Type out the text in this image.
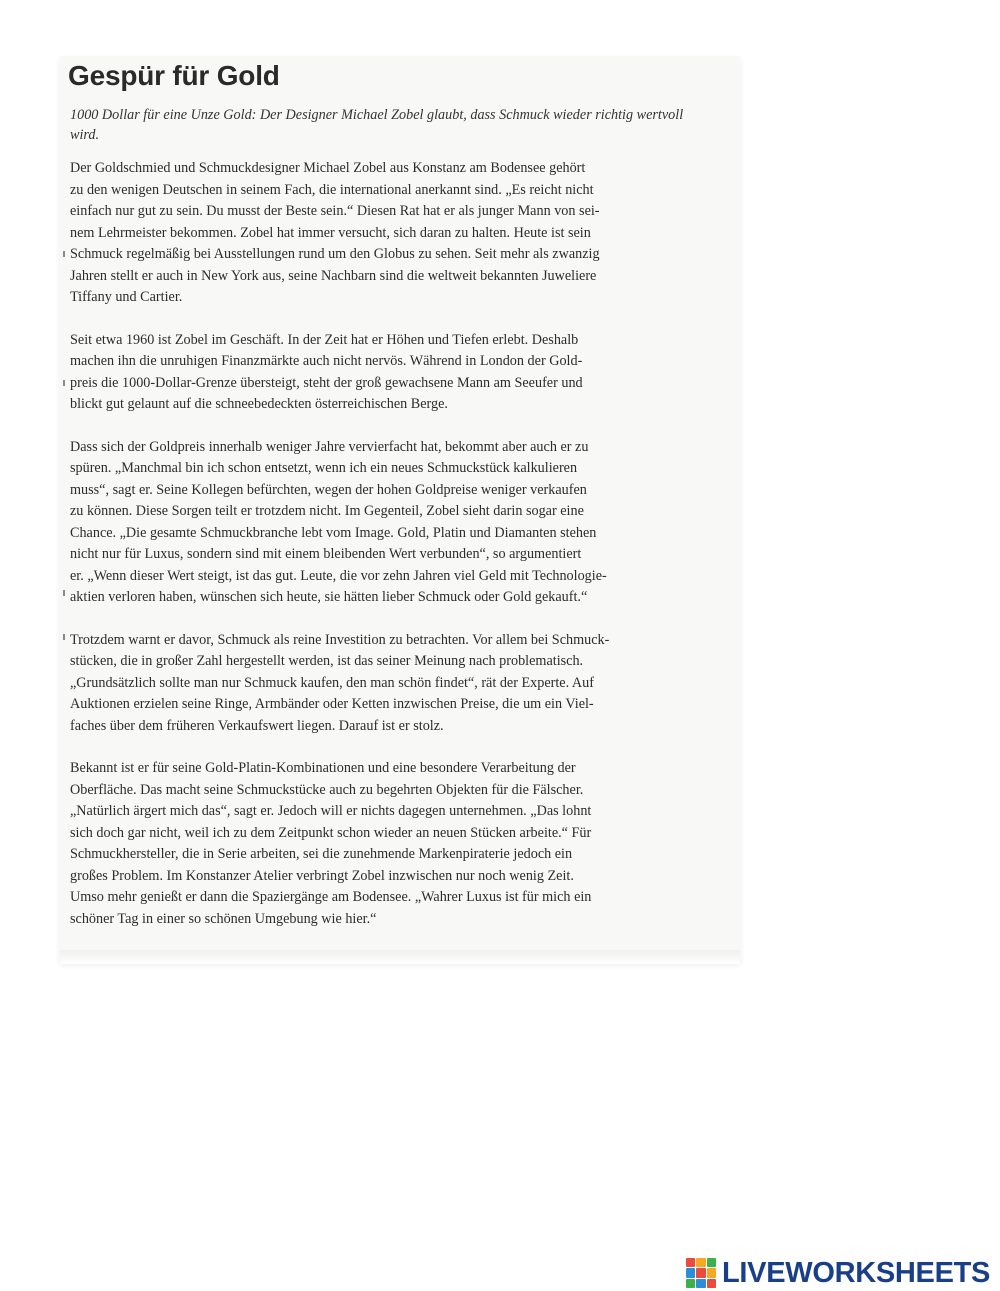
Gespür für Gold

1000 Dollar für eine Unze Gold: Der Designer Michael Zobel glaubt, dass Schmuck wieder richtig wertvoll wird.

Der Goldschmied und Schmuckdesigner Michael Zobel aus Konstanz am Bodensee gehört
zu den wenigen Deutschen in seinem Fach, die international anerkannt sind. „Es reicht nicht
einfach nur gut zu sein. Du musst der Beste sein.“ Diesen Rat hat er als junger Mann von sei-
nem Lehrmeister bekommen. Zobel hat immer versucht, sich daran zu halten. Heute ist sein
Schmuck regelmäßig bei Ausstellungen rund um den Globus zu sehen. Seit mehr als zwanzig
Jahren stellt er auch in New York aus, seine Nachbarn sind die weltweit bekannten Juweliere
Tiffany und Cartier.

Seit etwa 1960 ist Zobel im Geschäft. In der Zeit hat er Höhen und Tiefen erlebt. Deshalb
machen ihn die unruhigen Finanzmärkte auch nicht nervös. Während in London der Gold-
preis die 1000-Dollar-Grenze übersteigt, steht der groß gewachsene Mann am Seeufer und
blickt gut gelaunt auf die schneebedeckten österreichischen Berge.

Dass sich der Goldpreis innerhalb weniger Jahre vervierfacht hat, bekommt aber auch er zu
spüren. „Manchmal bin ich schon entsetzt, wenn ich ein neues Schmuckstück kalkulieren
muss“, sagt er. Seine Kollegen befürchten, wegen der hohen Goldpreise weniger verkaufen
zu können. Diese Sorgen teilt er trotzdem nicht. Im Gegenteil, Zobel sieht darin sogar eine
Chance. „Die gesamte Schmuckbranche lebt vom Image. Gold, Platin und Diamanten stehen
nicht nur für Luxus, sondern sind mit einem bleibenden Wert verbunden“, so argumentiert
er. „Wenn dieser Wert steigt, ist das gut. Leute, die vor zehn Jahren viel Geld mit Technologie-
aktien verloren haben, wünschen sich heute, sie hätten lieber Schmuck oder Gold gekauft.“

Trotzdem warnt er davor, Schmuck als reine Investition zu betrachten. Vor allem bei Schmuck-
stücken, die in großer Zahl hergestellt werden, ist das seiner Meinung nach problematisch.
„Grundsätzlich sollte man nur Schmuck kaufen, den man schön findet“, rät der Experte. Auf
Auktionen erzielen seine Ringe, Armbänder oder Ketten inzwischen Preise, die um ein Viel-
faches über dem früheren Verkaufswert liegen. Darauf ist er stolz.

Bekannt ist er für seine Gold-Platin-Kombinationen und eine besondere Verarbeitung der
Oberfläche. Das macht seine Schmuckstücke auch zu begehrten Objekten für die Fälscher.
„Natürlich ärgert mich das“, sagt er. Jedoch will er nichts dagegen unternehmen. „Das lohnt
sich doch gar nicht, weil ich zu dem Zeitpunkt schon wieder an neuen Stücken arbeite.“ Für
Schmuckhersteller, die in Serie arbeiten, sei die zunehmende Markenpiraterie jedoch ein
großes Problem. Im Konstanzer Atelier verbringt Zobel inzwischen nur noch wenig Zeit.
Umso mehr genießt er dann die Spaziergänge am Bodensee. „Wahrer Luxus ist für mich ein
schöner Tag in einer so schönen Umgebung wie hier.“

LIVEWORKSHEETS
